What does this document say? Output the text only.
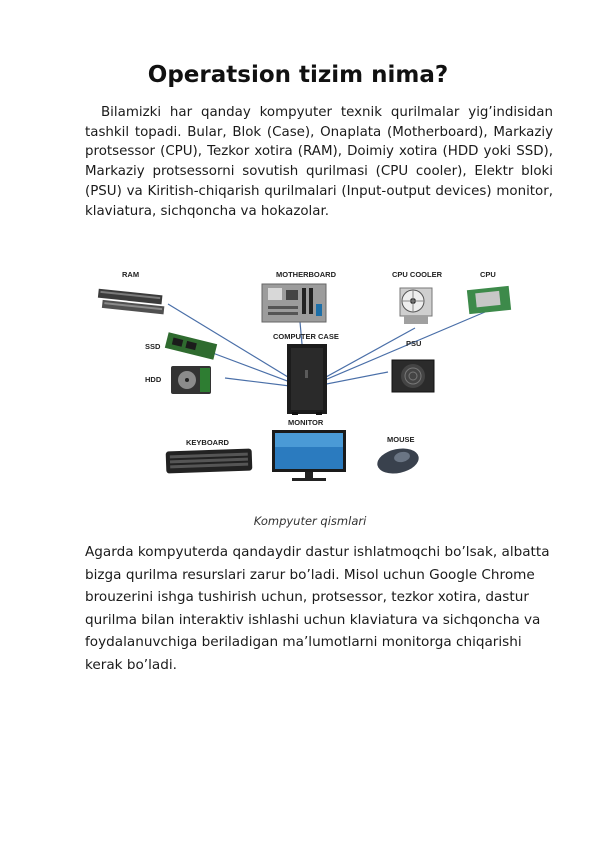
Operatsion tizim nima?
Bilamizki har qanday kompyuter texnik qurilmalar yig’indisidan tashkil topadi. Bular, Blok (Case), Onaplata (Motherboard), Markaziy protsessor (CPU), Tezkor xotira (RAM), Doimiy xotira (HDD yoki SSD), Markaziy protsessorni sovutish qurilmasi (CPU cooler), Elektr bloki (PSU) va Kiritish-chiqarish qurilmalari (Input-output devices) monitor, klaviatura, sichqoncha va hokazolar.
RAM	MOTHERBOARD	CPU COOLER	CPU
SSD
HDD
COMPUTER CASE
PSU
MONITOR
KEYBOARD	MOUSE
Kompyuter qismlari
Agarda kompyuterda qandaydir dastur ishlatmoqchi bo’lsak, albatta bizga qurilma resurslari zarur bo’ladi. Misol uchun Google Chrome brouzerini ishga tushirish uchun, protsessor, tezkor xotira, dastur qurilma bilan interaktiv ishlashi uchun klaviatura va sichqoncha va foydalanuvchiga beriladigan ma’lumotlarni monitorga chiqarishi kerak bo’ladi.
